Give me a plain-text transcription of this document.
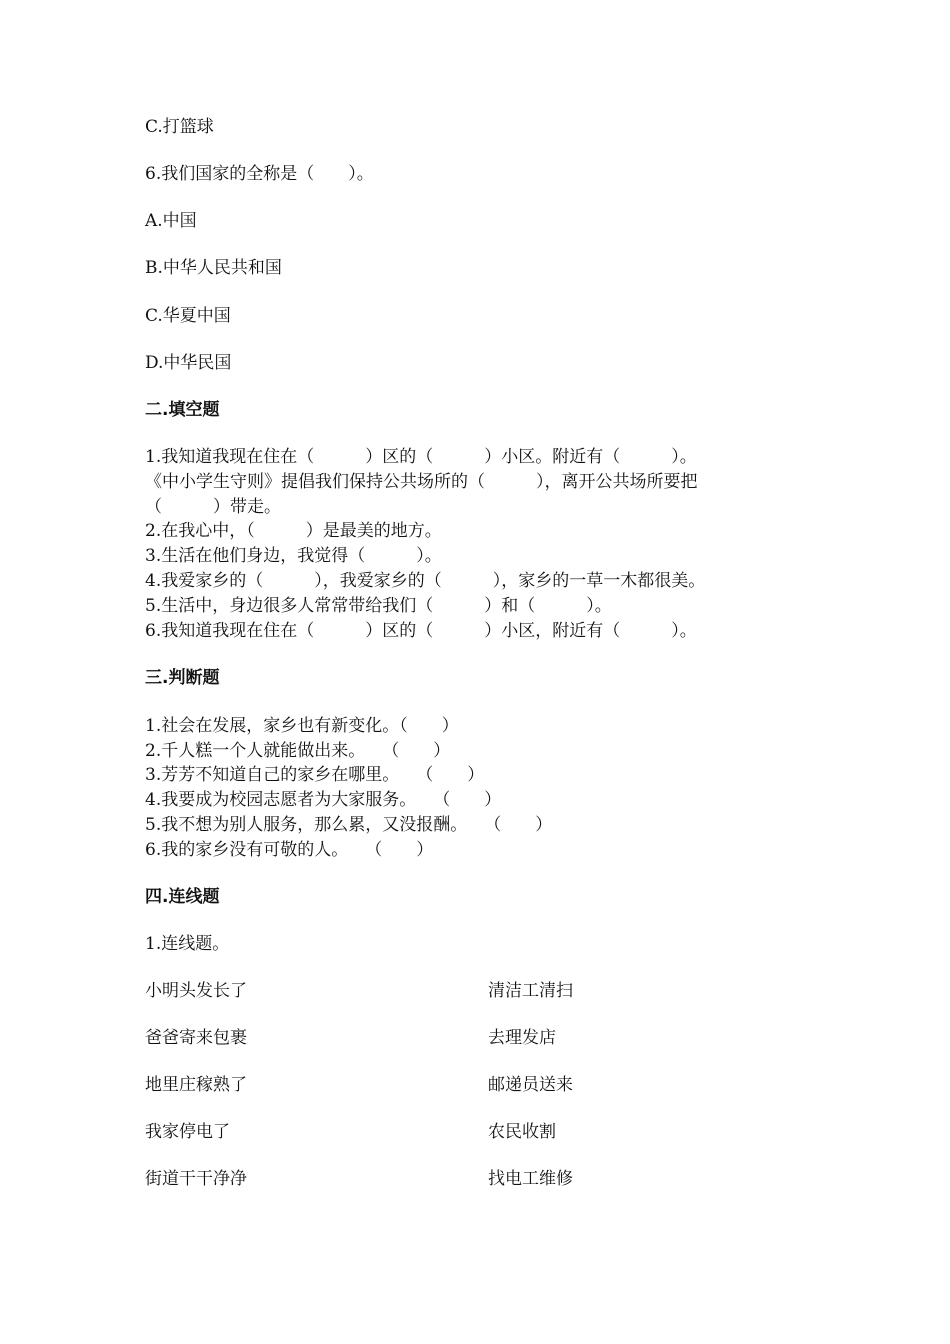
C.打篮球
6.我们国家的全称是（　　）。
A.中国
B.中华人民共和国
C.华夏中国
D.中华民国
二.填空题
1.我知道我现在住在（　　　）区的（　　　）小区。附近有（　　　）。
《中小学生守则》提倡我们保持公共场所的（　　　），离开公共场所要把
（　　　）带走。
2.在我心中，（　　　）是最美的地方。
3.生活在他们身边，我觉得（　　　）。
4.我爱家乡的（　　　），我爱家乡的（　　　），家乡的一草一木都很美。
5.生活中，身边很多人常常带给我们（　　　）和（　　　）。
6.我知道我现在住在（　　　）区的（　　　）小区，附近有（　　　）。
三.判断题
1.社会在发展，家乡也有新变化。（　　）
2.千人糕一个人就能做出来。　　（　　）
3.芳芳不知道自己的家乡在哪里。　　（　　）
4.我要成为校园志愿者为大家服务。　　（　　）
5.我不想为别人服务，那么累，又没报酬。　　（　　）
6.我的家乡没有可敬的人。　　（　　）
四.连线题
1.连线题。
小明头发长了	清洁工清扫
爸爸寄来包裹	去理发店
地里庄稼熟了	邮递员送来
我家停电了	农民收割
街道干干净净	找电工维修
